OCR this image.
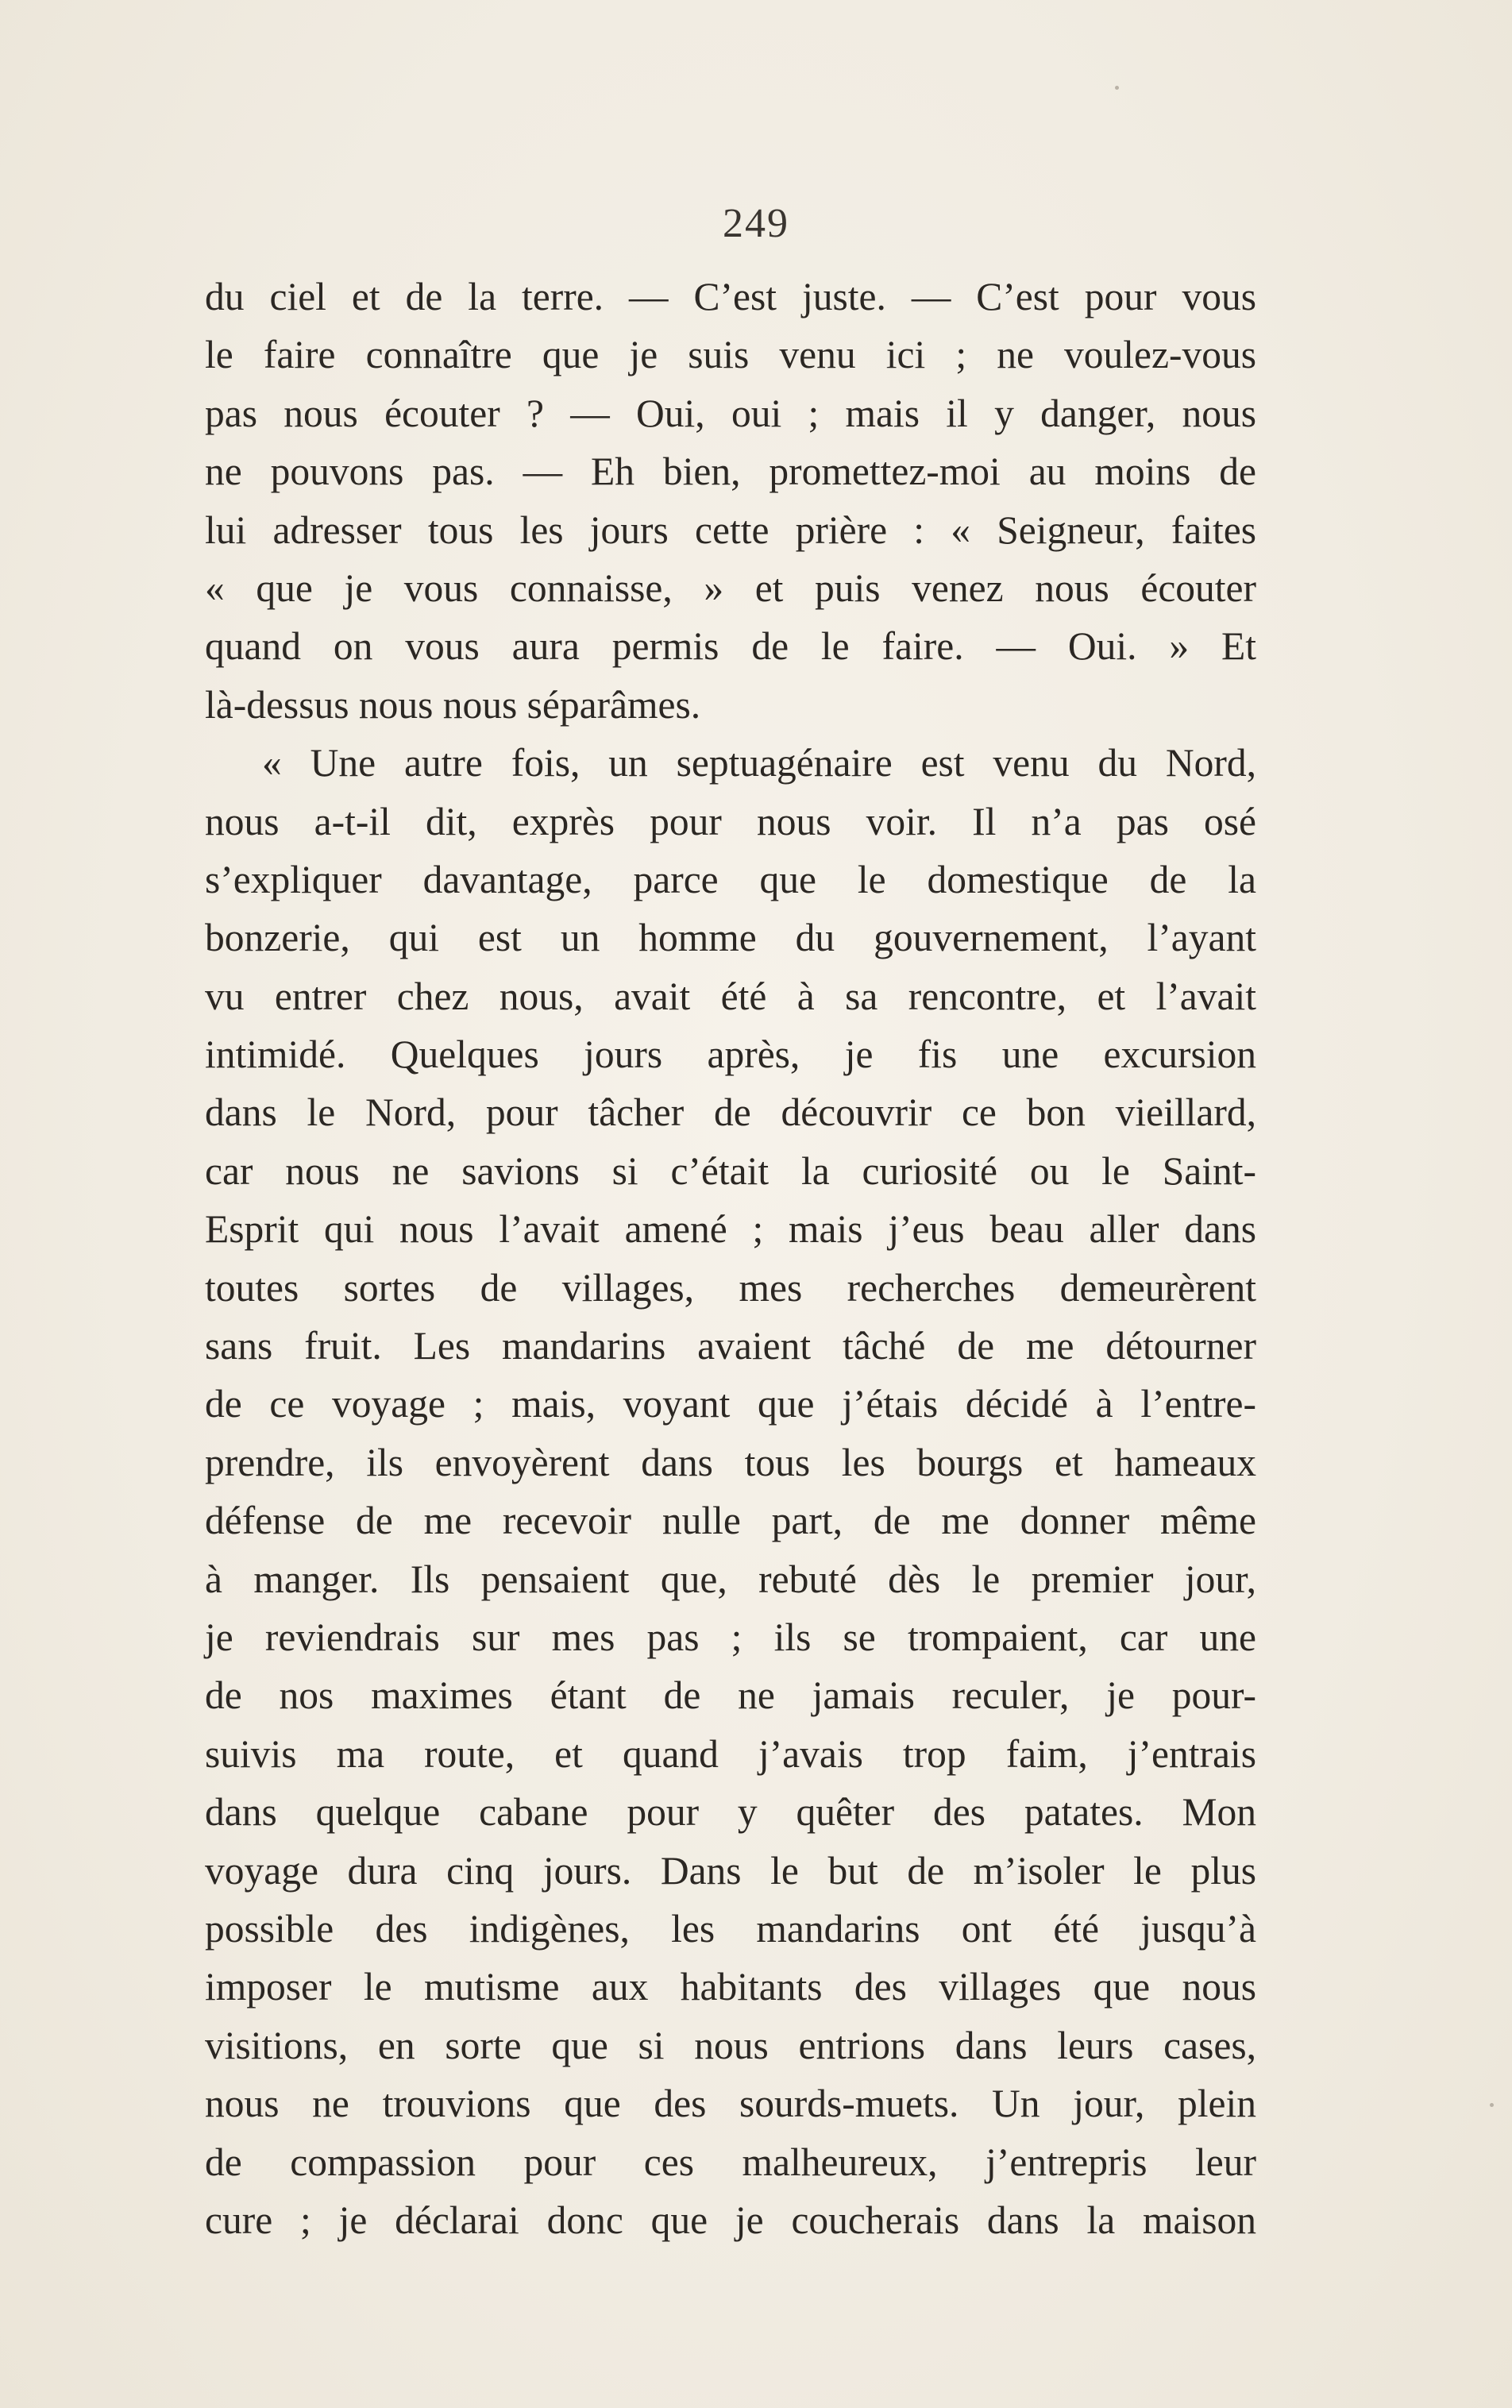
249
du ciel et de la terre. — C’est juste. — C’est pour vous
le faire connaître que je suis venu ici ; ne voulez-vous
pas nous écouter ? — Oui, oui ; mais il y danger, nous
ne pouvons pas. — Eh bien, promettez-moi au moins de
lui adresser tous les jours cette prière : « Seigneur, faites
« que je vous connaisse, » et puis venez nous écouter
quand on vous aura permis de le faire. — Oui. » Et
là-dessus nous nous séparâmes.
« Une autre fois, un septuagénaire est venu du Nord,
nous a-t-il dit, exprès pour nous voir. Il n’a pas osé
s’expliquer davantage, parce que le domestique de la
bonzerie, qui est un homme du gouvernement, l’ayant
vu entrer chez nous, avait été à sa rencontre, et l’avait
intimidé. Quelques jours après, je fis une excursion
dans le Nord, pour tâcher de découvrir ce bon vieillard,
car nous ne savions si c’était la curiosité ou le Saint-
Esprit qui nous l’avait amené ; mais j’eus beau aller dans
toutes sortes de villages, mes recherches demeurèrent
sans fruit. Les mandarins avaient tâché de me détourner
de ce voyage ; mais, voyant que j’étais décidé à l’entre-
prendre, ils envoyèrent dans tous les bourgs et hameaux
défense de me recevoir nulle part, de me donner même
à manger. Ils pensaient que, rebuté dès le premier jour,
je reviendrais sur mes pas ; ils se trompaient, car une
de nos maximes étant de ne jamais reculer, je pour-
suivis ma route, et quand j’avais trop faim, j’entrais
dans quelque cabane pour y quêter des patates. Mon
voyage dura cinq jours. Dans le but de m’isoler le plus
possible des indigènes, les mandarins ont été jusqu’à
imposer le mutisme aux habitants des villages que nous
visitions, en sorte que si nous entrions dans leurs cases,
nous ne trouvions que des sourds-muets. Un jour, plein
de compassion pour ces malheureux, j’entrepris leur
cure ; je déclarai donc que je coucherais dans la maison
